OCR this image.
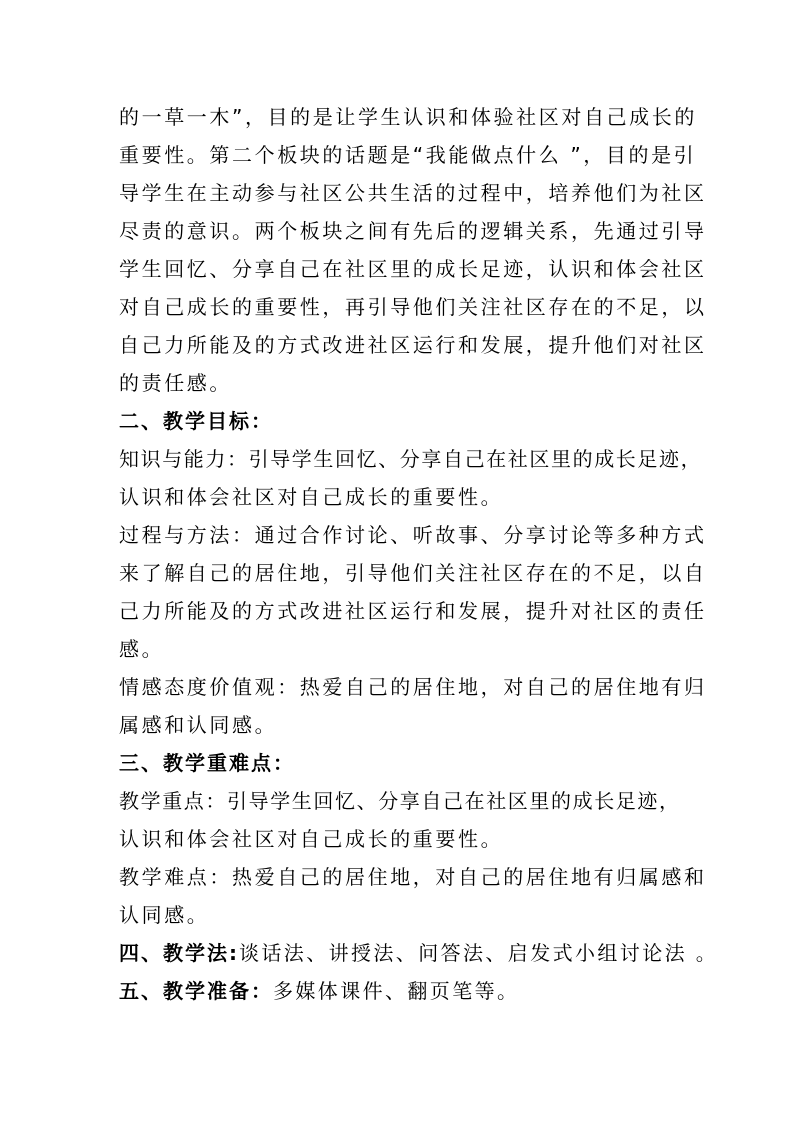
的一草一木”，目的是让学生认识和体验社区对自己成长的
重要性。第二个板块的话题是“我能做点什么 ”，目的是引
导学生在主动参与社区公共生活的过程中，培养他们为社区
尽责的意识。两个板块之间有先后的逻辑关系，先通过引导
学生回忆、分享自己在社区里的成长足迹，认识和体会社区
对自己成长的重要性，再引导他们关注社区存在的不足，以
自己力所能及的方式改进社区运行和发展，提升他们对社区
的责任感。
二、教学目标：
知识与能力：引导学生回忆、分享自己在社区里的成长足迹，
认识和体会社区对自己成长的重要性。
过程与方法：通过合作讨论、听故事、分享讨论等多种方式
来了解自己的居住地，引导他们关注社区存在的不足，以自
己力所能及的方式改进社区运行和发展，提升对社区的责任
感。
情感态度价值观：热爱自己的居住地，对自己的居住地有归
属感和认同感。
三、教学重难点：
教学重点：引导学生回忆、分享自己在社区里的成长足迹，
认识和体会社区对自己成长的重要性。
教学难点：热爱自己的居住地，对自己的居住地有归属感和
认同感。
四、教学法:谈话法、讲授法、问答法、启发式小组讨论法 。
五、教学准备：多媒体课件、翻页笔等。
